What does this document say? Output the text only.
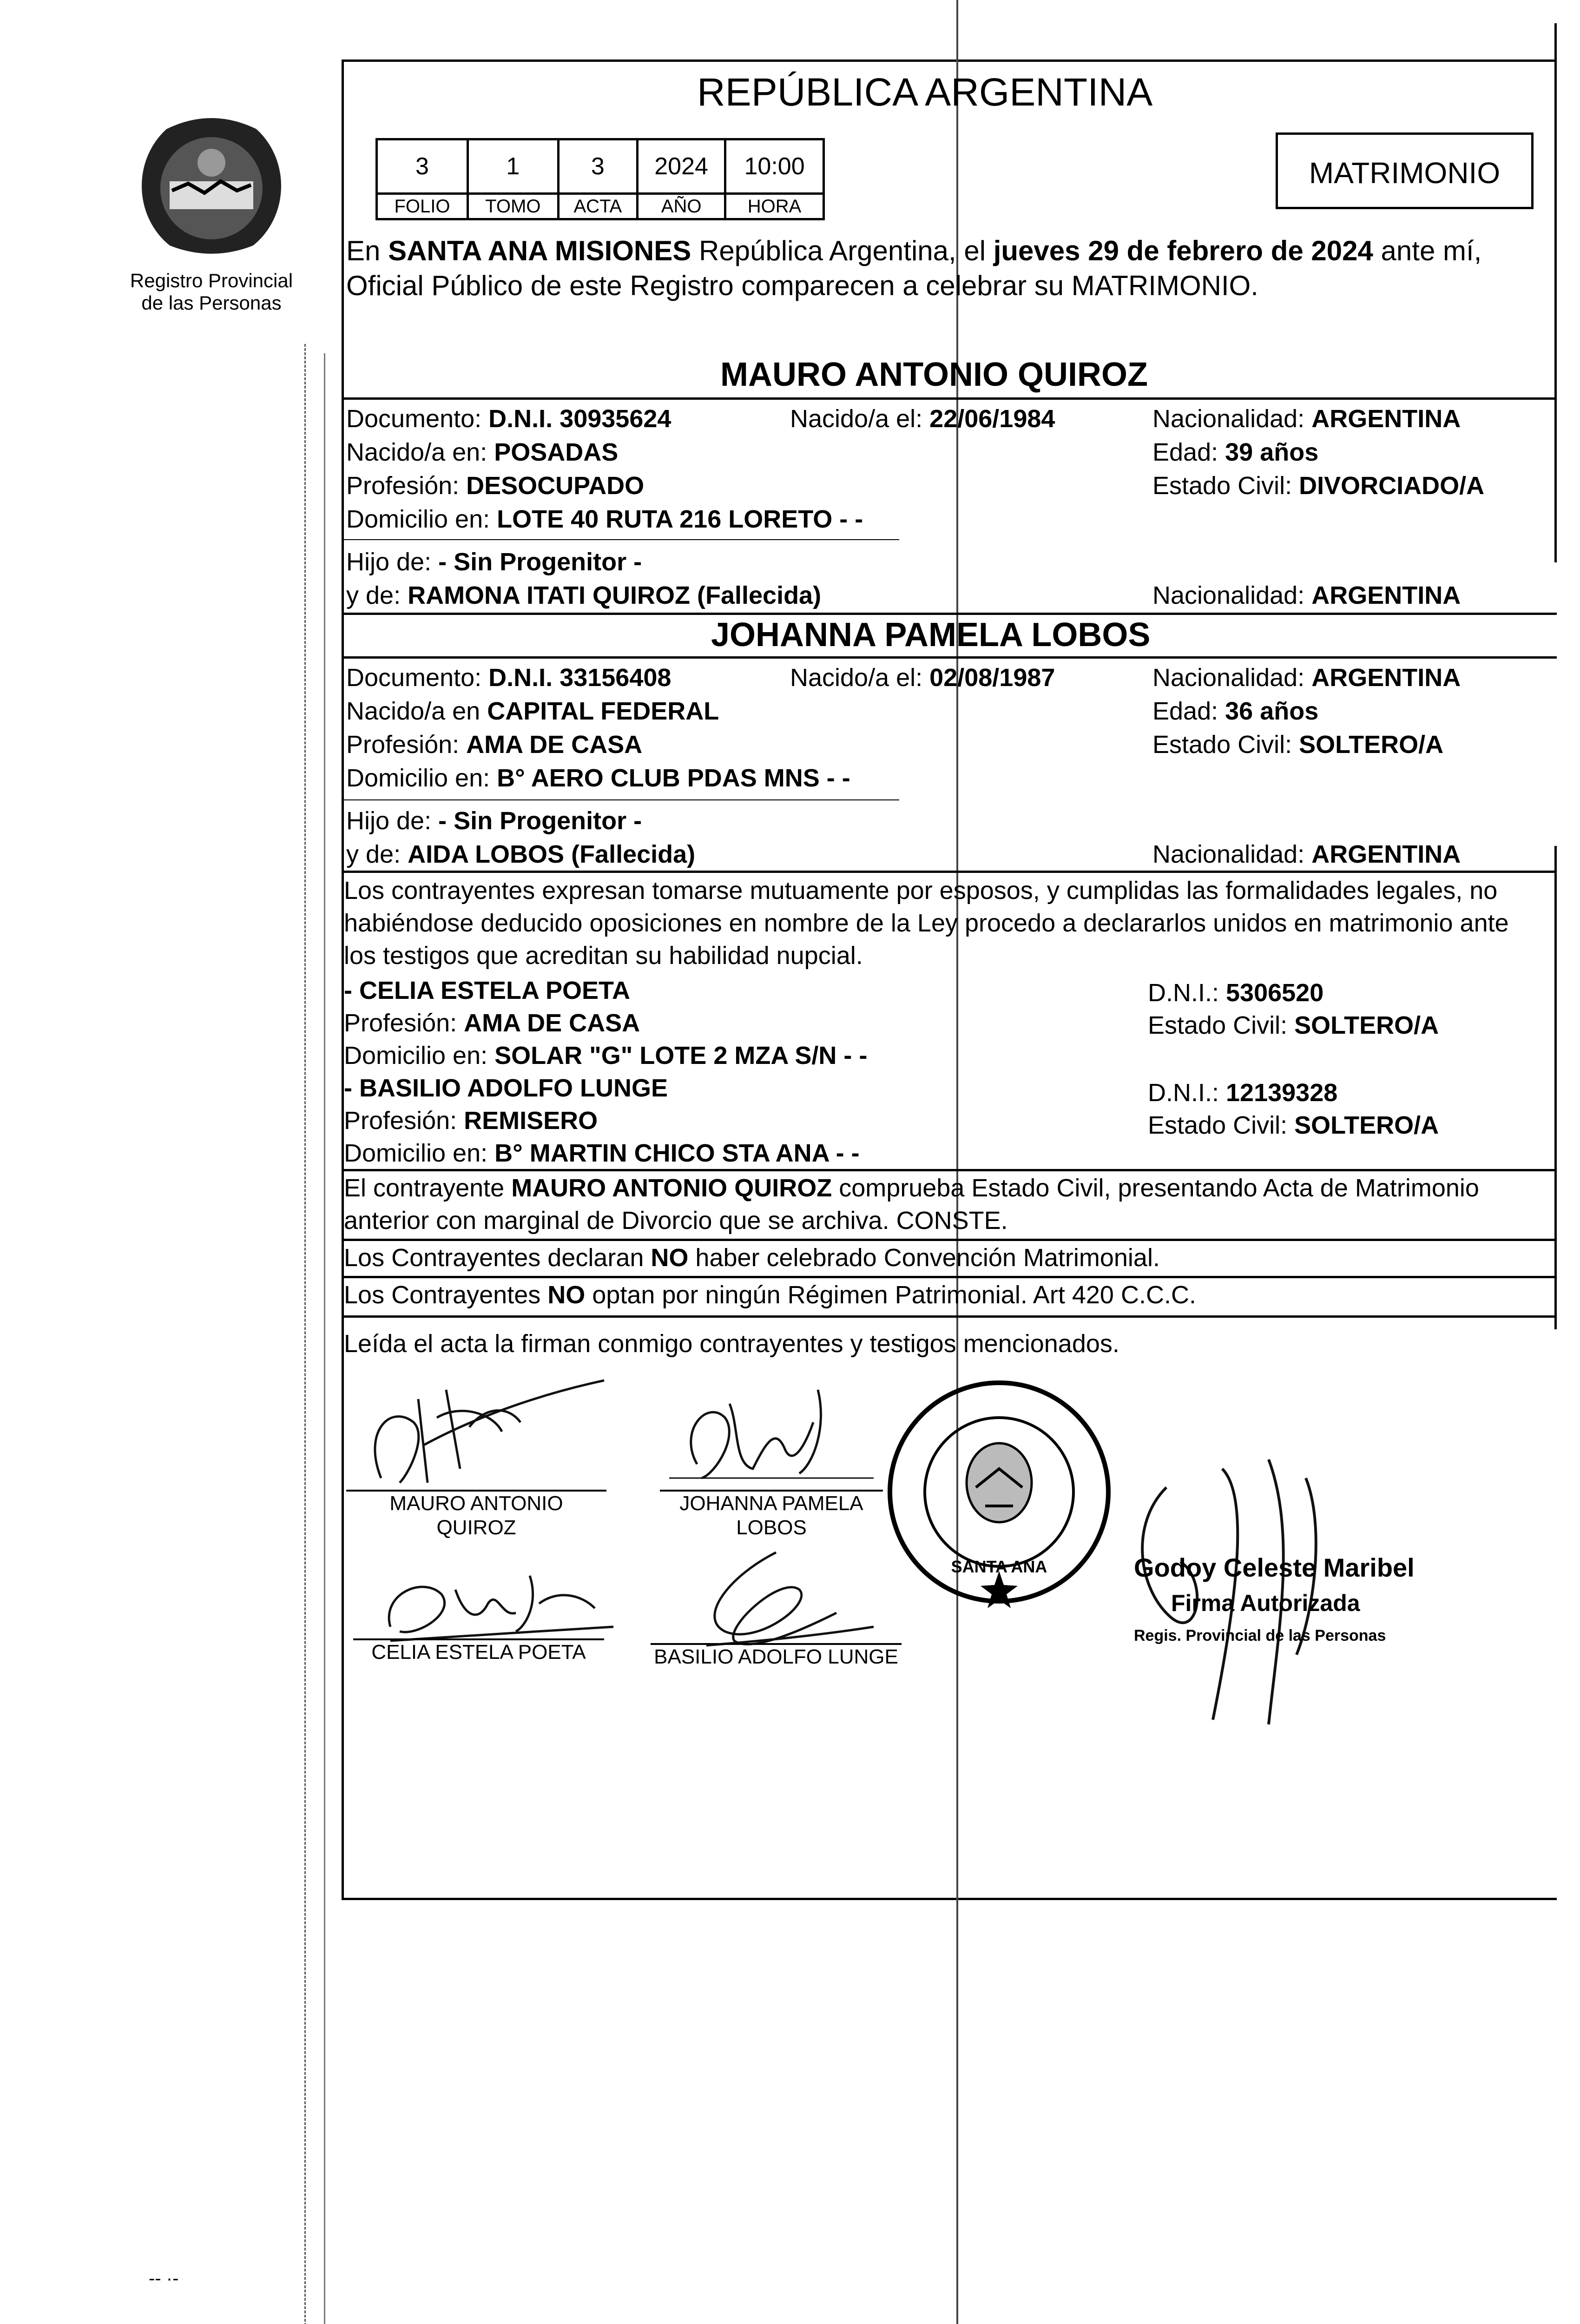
Registro Provincial
de las Personas
REPÚBLICA ARGENTINA
3	1	3	2024	10:00
FOLIO	TOMO	ACTA	AÑO	HORA
MATRIMONIO
En SANTA ANA MISIONES República Argentina, el jueves 29 de febrero de 2024 ante mí,
Oficial Público de este Registro comparecen a celebrar su MATRIMONIO.
MAURO ANTONIO QUIROZ
Documento: D.N.I. 30935624	Nacido/a el: 22/06/1984	Nacionalidad: ARGENTINA
Nacido/a en: POSADAS	Edad: 39 años
Profesión: DESOCUPADO	Estado Civil: DIVORCIADO/A
Domicilio en: LOTE 40 RUTA 216 LORETO - -
Hijo de: - Sin Progenitor -
y de: RAMONA ITATI QUIROZ (Fallecida)	Nacionalidad: ARGENTINA
JOHANNA PAMELA LOBOS
Documento: D.N.I. 33156408	Nacido/a el: 02/08/1987	Nacionalidad: ARGENTINA
Nacido/a en CAPITAL FEDERAL	Edad: 36 años
Profesión: AMA DE CASA	Estado Civil: SOLTERO/A
Domicilio en: B° AERO CLUB PDAS MNS - -
Hijo de: - Sin Progenitor -
y de: AIDA LOBOS (Fallecida)	Nacionalidad: ARGENTINA
Los contrayentes expresan tomarse mutuamente por esposos, y cumplidas las formalidades legales, no
habiéndose deducido oposiciones en nombre de la Ley procedo a declararlos unidos en matrimonio ante
los testigos que acreditan su habilidad nupcial.
- CELIA ESTELA POETA	D.N.I.: 5306520
Profesión: AMA DE CASA	Estado Civil: SOLTERO/A
Domicilio en: SOLAR "G" LOTE 2 MZA S/N - -
- BASILIO ADOLFO LUNGE	D.N.I.: 12139328
Profesión: REMISERO	Estado Civil: SOLTERO/A
Domicilio en: B° MARTIN CHICO STA ANA - -
El contrayente MAURO ANTONIO QUIROZ comprueba Estado Civil, presentando Acta de Matrimonio
anterior con marginal de Divorcio que se archiva. CONSTE.
Los Contrayentes declaran NO haber celebrado Convención Matrimonial.
Los Contrayentes NO optan por ningún Régimen Patrimonial. Art 420 C.C.C.
Leída el acta la firman conmigo contrayentes y testigos mencionados.
MAURO ANTONIO
QUIROZ
JOHANNA PAMELA
LOBOS
CELIA ESTELA POETA	BASILIO ADOLFO LUNGE
SANTA ANA	Godoy Celeste Maribel
Firma Autorizada
Regis. Provincial de las Personas
-- ·-
